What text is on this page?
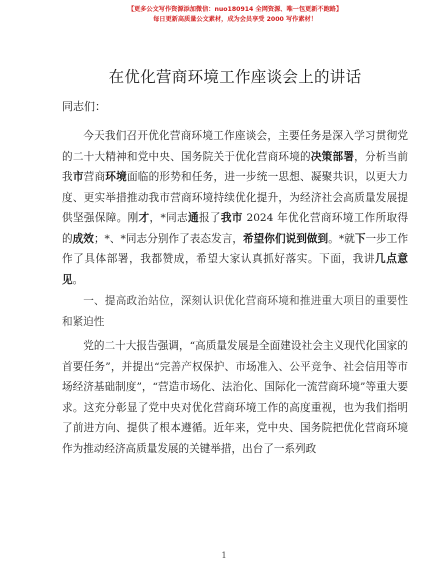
【更多公文写作资源添加微信：nuo180914 全网资源、唯一包更新不跑路】
每日更新高质量公文素材，成为会员享受 2000 写作素材！
在优化营商环境工作座谈会上的讲话
同志们：

今天我们召开优化营商环境工作座谈会，主要任务是深入学习贯彻党的二十大精神和党中央、国务院关于优化营商环境的决策部署，分析当前我市营商环境面临的形势和任务，进一步统一思想、凝聚共识，以更大力度、更实举措推动我市营商环境持续优化提升，为经济社会高质量发展提供坚强保障。刚才，*同志通报了我市 2024 年优化营商环境工作所取得的成效；*、*同志分别作了表态发言，希望你们说到做到。*就下一步工作作了具体部署，我都赞成，希望大家认真抓好落实。下面，我讲几点意见。

一、提高政治站位，深刻认识优化营商环境和推进重大项目的重要性和紧迫性

党的二十大报告强调，“高质量发展是全面建设社会主义现代化国家的首要任务”，并提出“完善产权保护、市场准入、公平竞争、社会信用等市场经济基础制度”，“营造市场化、法治化、国际化一流营商环境”等重大要求。这充分彰显了党中央对优化营商环境工作的高度重视，也为我们指明了前进方向、提供了根本遵循。近年来，党中央、国务院把优化营商环境作为推动经济高质量发展的关键举措，出台了一系列政

1
